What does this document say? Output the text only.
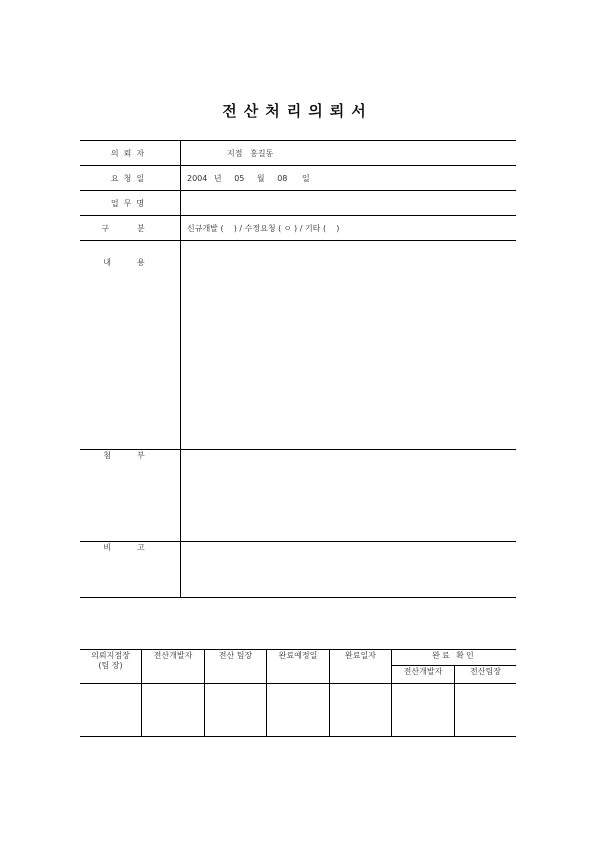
전산처리의뢰서
의뢰자	지점   홍길동
요청일	2004 년 05 월 08 일
업무명	
구분	신규개발 (    ) / 수정요청 ( ㅇ ) / 기타 (    )
내용	
첨부	
비고	
의뢰지점장
(팀 장)	전산개발자	전산 팀장	완료예정일	완료일자	완료 확인	
					전산개발자	전산팀장
